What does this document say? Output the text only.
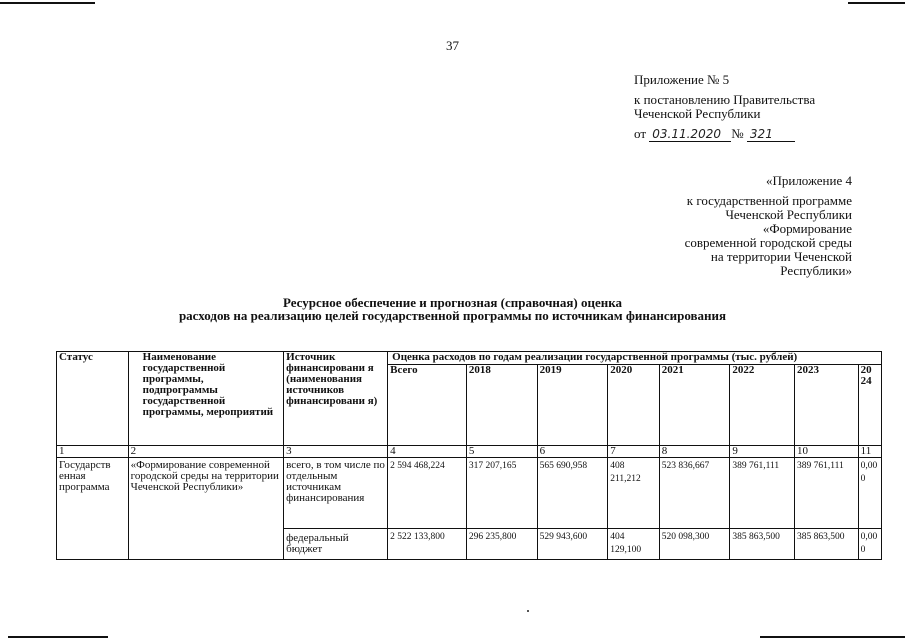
37
Приложение № 5
к постановлению Правительства
Чеченской Республики
от 03.11.2020 № 321
«Приложение 4
к государственной программе
Чеченской Республики
«Формирование
современной городской среды
на территории Чеченской
Республики»
Ресурсное обеспечение и прогнозная (справочная) оценка
расходов на реализацию целей государственной программы по источникам финансирования
Статус	Наименование государственной программы, подпрограммы государственной программы, мероприятий	Источник финансировани я (наименования источников финансировани я)	Оценка расходов по годам реализации государственной программы (тыс. рублей)							
			Всего	2018	2019	2020	2021	2022	2023	20 24
1	2	3	4	5	6	7	8	9	10	11
Государств енная программа	«Формирование современной городской среды на территории Чеченской Республики»	всего, в том числе по отдельным источникам финансирования	2 594 468,224	317 207,165	565 690,958	408 211,212	523 836,667	389 761,111	389 761,111	0,00 0
		федеральный бюджет	2 522 133,800	296 235,800	529 943,600	404 129,100	520 098,300	385 863,500	385 863,500	0,00 0
